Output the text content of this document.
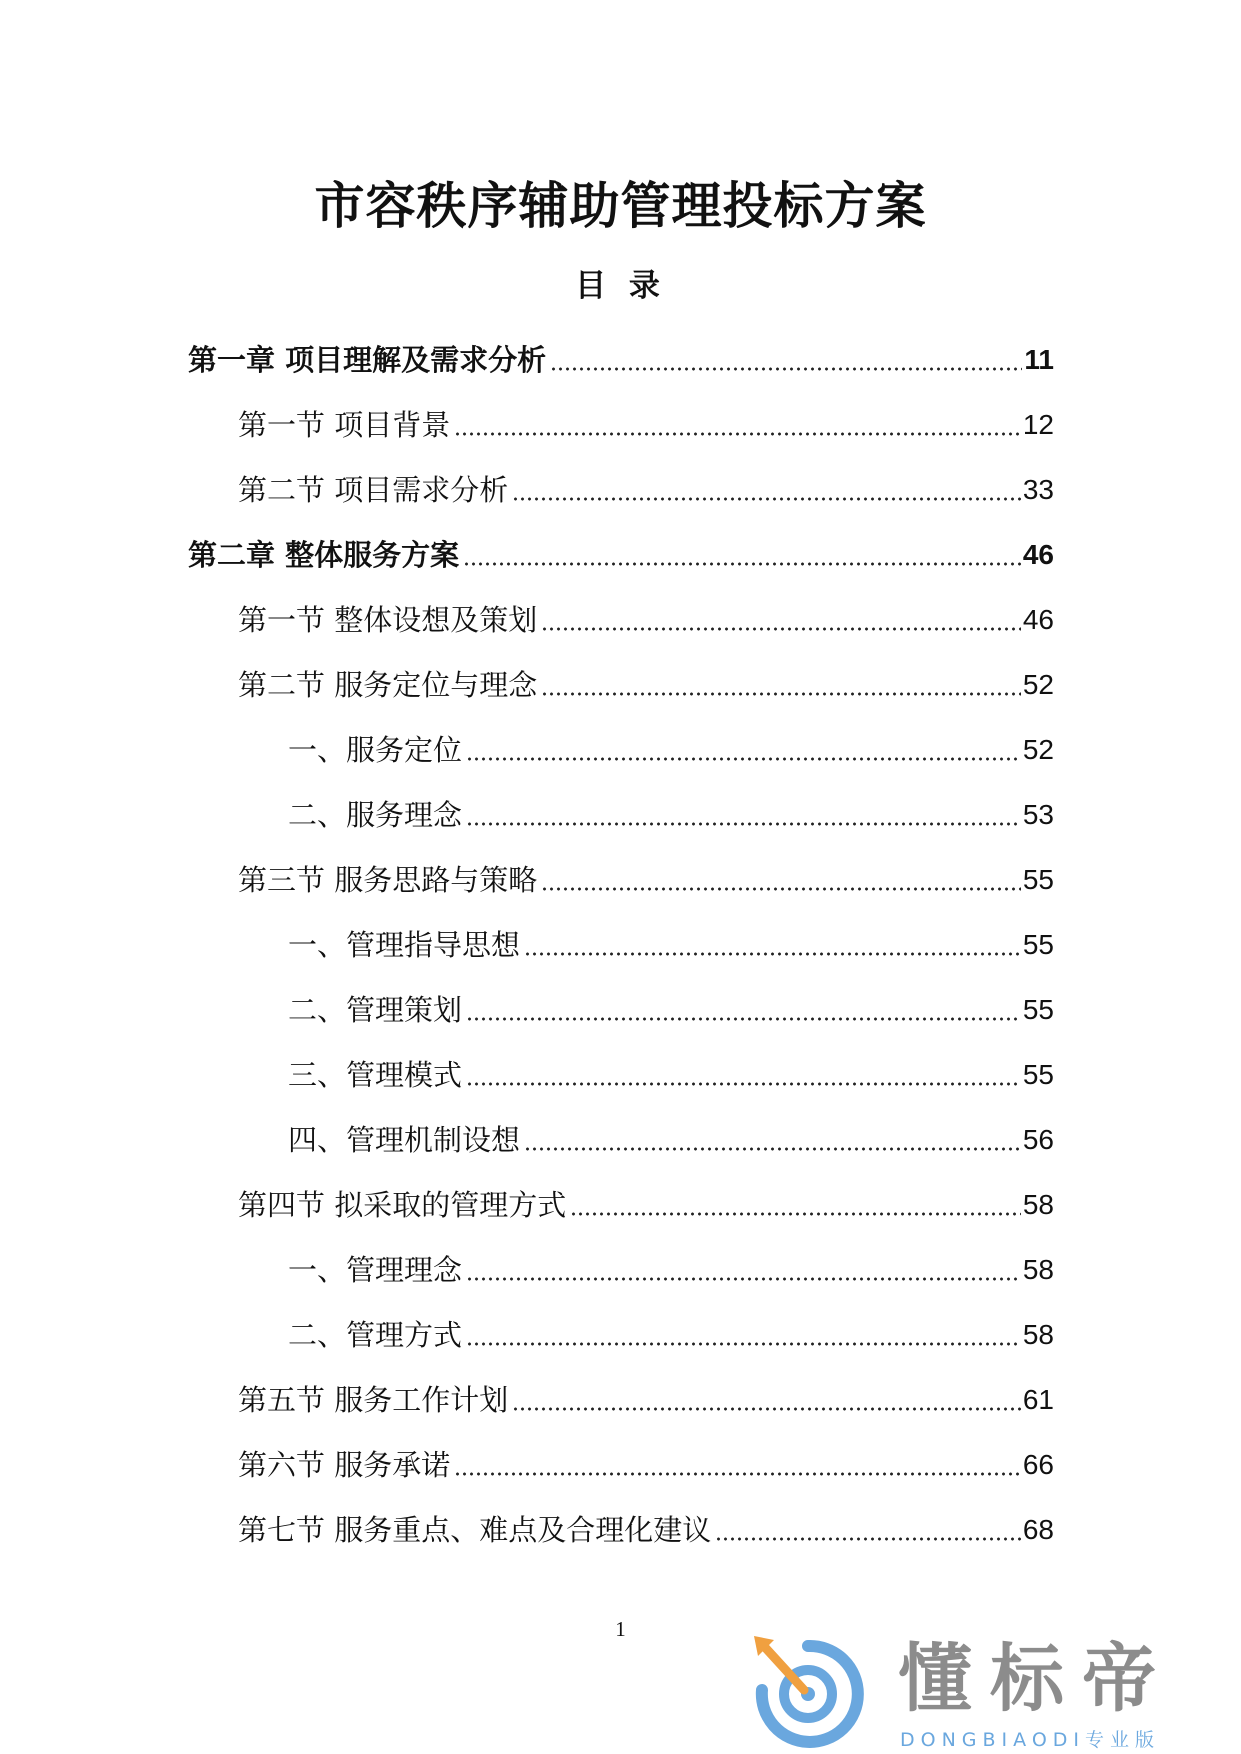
市容秩序辅助管理投标方案
目 录
第一章 项目理解及需求分析	11
第一节 项目背景	12
第二节 项目需求分析	33
第二章 整体服务方案	46
第一节 整体设想及策划	46
第二节 服务定位与理念	52
一、服务定位	52
二、服务理念	53
第三节 服务思路与策略	55
一、管理指导思想	55
二、管理策划	55
三、管理模式	55
四、管理机制设想	56
第四节 拟采取的管理方式	58
一、管理理念	58
二、管理方式	58
第五节 服务工作计划	61
第六节 服务承诺	66
第七节 服务重点、难点及合理化建议	68
1
懂标帝
DONGBIAODI专业版
